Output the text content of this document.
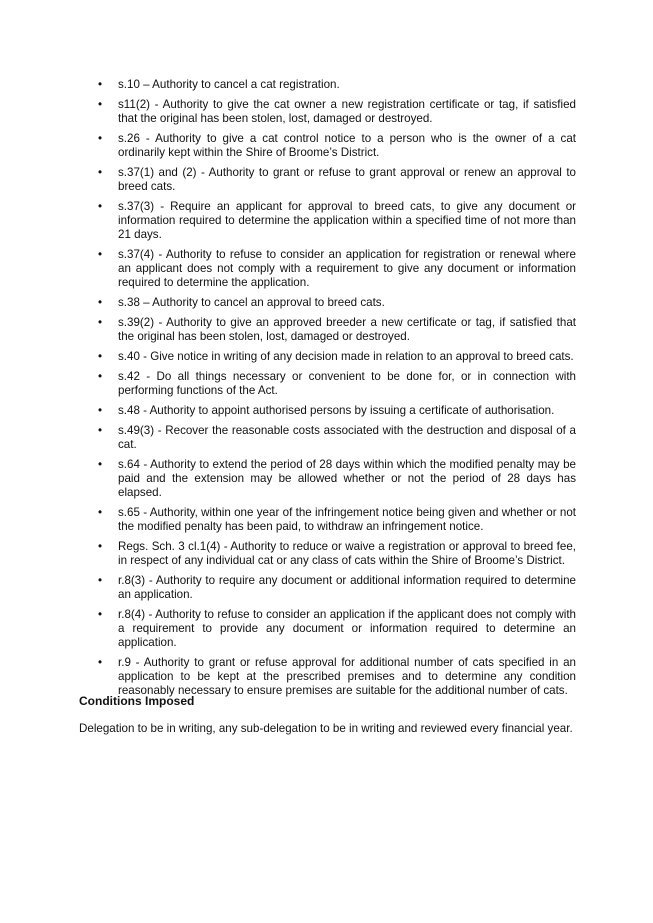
• s.10 – Authority to cancel a cat registration.
• s11(2) - Authority to give the cat owner a new registration certificate or tag, if satisfied that the original has been stolen, lost, damaged or destroyed.
• s.26 - Authority to give a cat control notice to a person who is the owner of a cat ordinarily kept within the Shire of Broome’s District.
• s.37(1) and (2) - Authority to grant or refuse to grant approval or renew an approval to breed cats.
• s.37(3) - Require an applicant for approval to breed cats, to give any document or information required to determine the application within a specified time of not more than 21 days.
• s.37(4) - Authority to refuse to consider an application for registration or renewal where an applicant does not comply with a requirement to give any document or information required to determine the application.
• s.38 – Authority to cancel an approval to breed cats.
• s.39(2) - Authority to give an approved breeder a new certificate or tag, if satisfied that the original has been stolen, lost, damaged or destroyed.
• s.40 - Give notice in writing of any decision made in relation to an approval to breed cats.
• s.42 - Do all things necessary or convenient to be done for, or in connection with performing functions of the Act.
• s.48 - Authority to appoint authorised persons by issuing a certificate of authorisation.
• s.49(3) - Recover the reasonable costs associated with the destruction and disposal of a cat.
• s.64 - Authority to extend the period of 28 days within which the modified penalty may be paid and the extension may be allowed whether or not the period of 28 days has elapsed.
• s.65 - Authority, within one year of the infringement notice being given and whether or not the modified penalty has been paid, to withdraw an infringement notice.
• Regs. Sch. 3 cl.1(4) - Authority to reduce or waive a registration or approval to breed fee, in respect of any individual cat or any class of cats within the Shire of Broome’s District.
• r.8(3) - Authority to require any document or additional information required to determine an application.
• r.8(4) - Authority to refuse to consider an application if the applicant does not comply with a requirement to provide any document or information required to determine an application.
• r.9 - Authority to grant or refuse approval for additional number of cats specified in an application to be kept at the prescribed premises and to determine any condition reasonably necessary to ensure premises are suitable for the additional number of cats.
Conditions Imposed

Delegation to be in writing, any sub-delegation to be in writing and reviewed every financial year.
